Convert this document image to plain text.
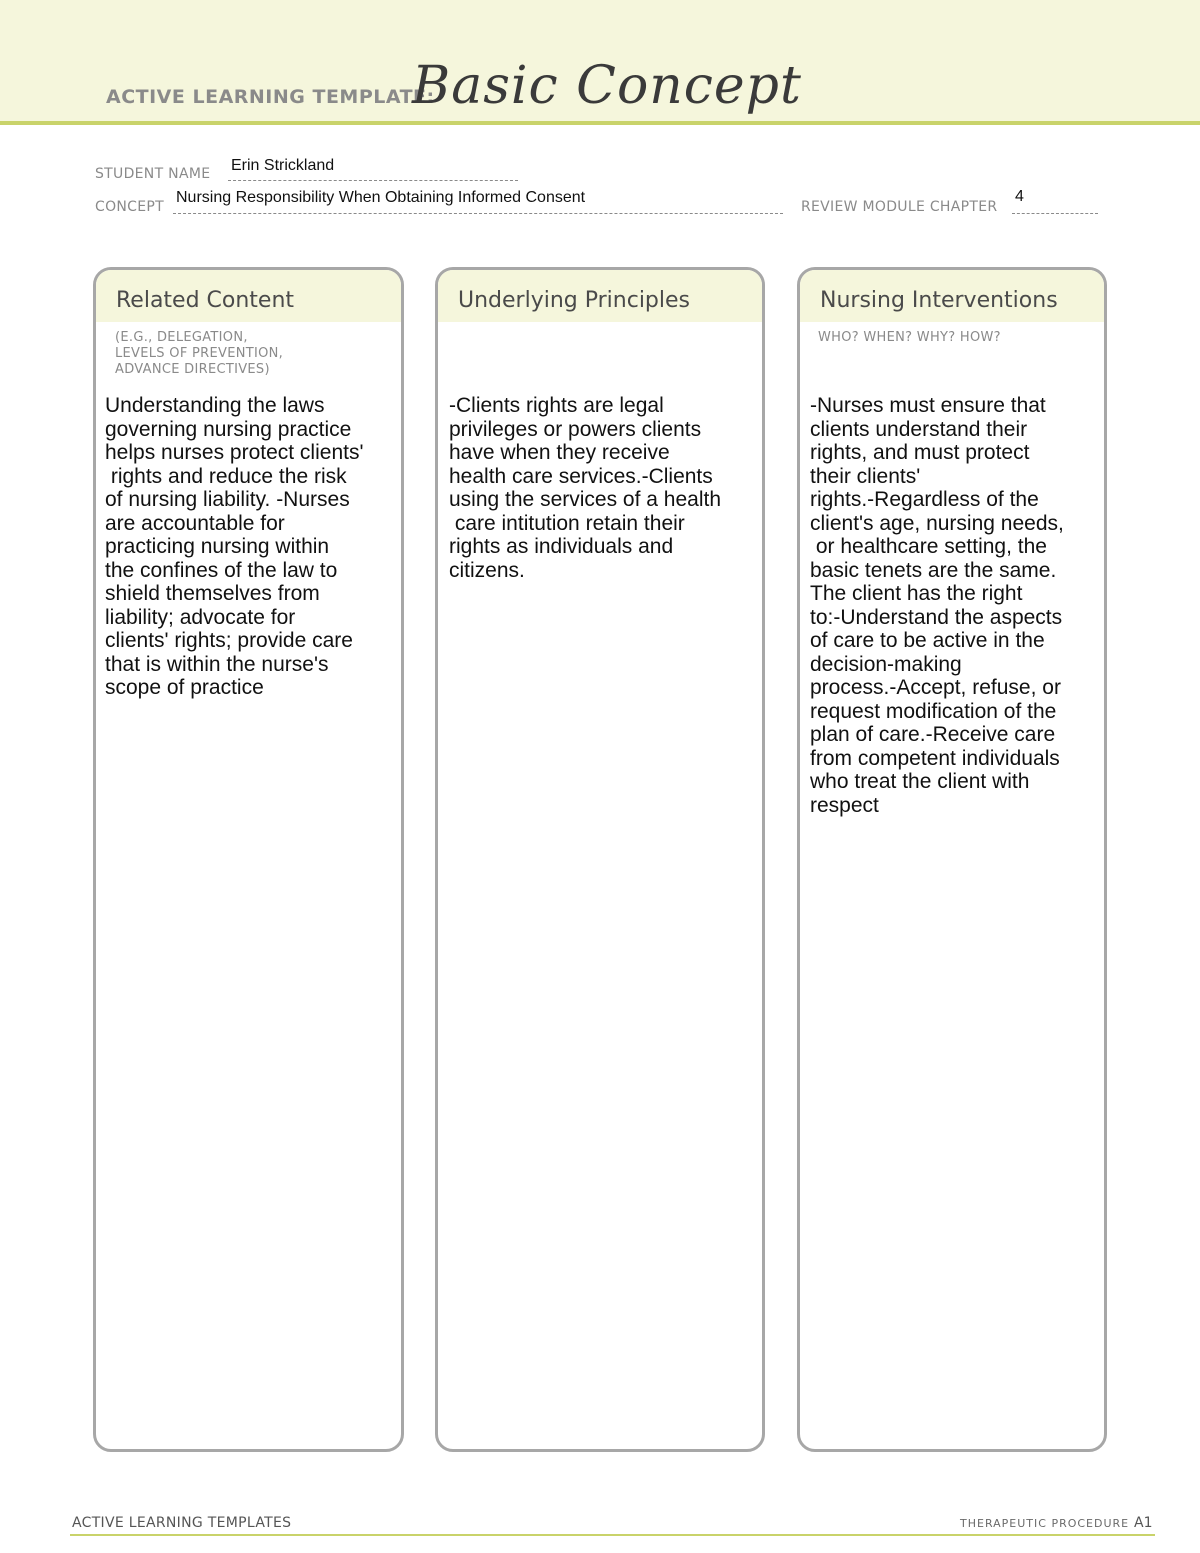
ACTIVE LEARNING TEMPLATE:
Basic Concept
STUDENT NAME Erin Strickland
CONCEPT
Nursing Responsibility When Obtaining Informed Consent
REVIEW MODULE CHAPTER
4
Related Content
(E.G., DELEGATION,
LEVELS OF PREVENTION,
ADVANCE DIRECTIVES)
Understanding the laws
governing nursing practice
helps nurses protect clients'
rights and reduce the risk
of nursing liability. -Nurses
are accountable for
practicing nursing within
the confines of the law to
shield themselves from
liability; advocate for
clients' rights; provide care
that is within the nurse's
scope of practice
Underlying Principles
-Clients rights are legal
privileges or powers clients
have when they receive
health care services.-Clients
using the services of a health
care intitution retain their
rights as individuals and
citizens.
Nursing Interventions
WHO? WHEN? WHY? HOW?
-Nurses must ensure that
clients understand their
rights, and must protect
their clients'
rights.-Regardless of the
client's age, nursing needs,
or healthcare setting, the
basic tenets are the same.
The client has the right
to:-Understand the aspects
of care to be active in the
decision-making
process.-Accept, refuse, or
request modification of the
plan of care.-Receive care
from competent individuals
who treat the client with
respect
ACTIVE LEARNING TEMPLATES	THERAPEUTIC PROCEDURE A1
